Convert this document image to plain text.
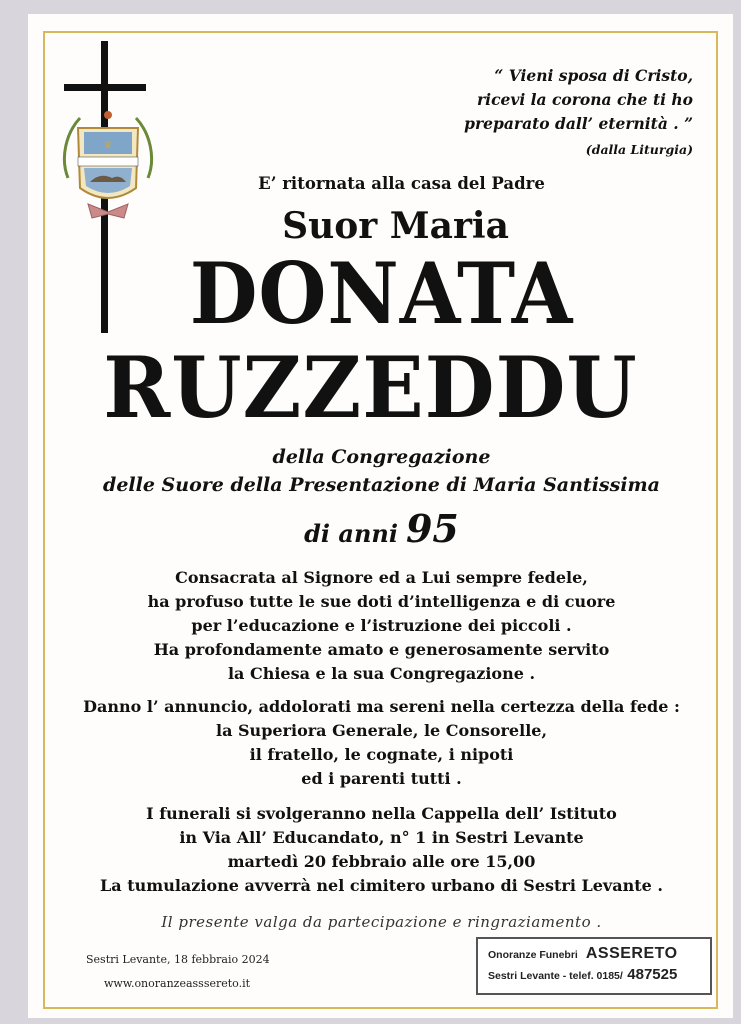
♛
“ Vieni sposa di Cristo,
ricevi la corona che ti ho
preparato dall’ eternità . ”
(dalla Liturgia)
E’ ritornata alla casa del Padre
Suor Maria
DONATA
RUZZEDDU
della Congregazione
delle Suore della Presentazione di Maria Santissima
di anni 95
Consacrata al Signore ed a Lui sempre fedele,
ha profuso tutte le sue doti d’intelligenza e di cuore
per l’educazione e l’istruzione dei piccoli .
Ha profondamente amato e generosamente servito
la Chiesa e la sua Congregazione .
Danno l’ annuncio, addolorati ma sereni nella certezza della fede :
la Superiora Generale, le Consorelle,
il fratello, le cognate, i nipoti
ed i parenti tutti .
I funerali si svolgeranno nella Cappella dell’ Istituto
in Via All’ Educandato, n° 1 in Sestri Levante
martedì 20 febbraio alle ore 15,00
La tumulazione avverrà nel cimitero urbano di Sestri Levante .
Il presente valga da partecipazione e ringraziamento .
Sestri Levante, 18 febbraio 2024
www.onoranzeasssereto.it
Onoranze Funebri ASSERETO
Sestri Levante - telef. 0185/ 487525
